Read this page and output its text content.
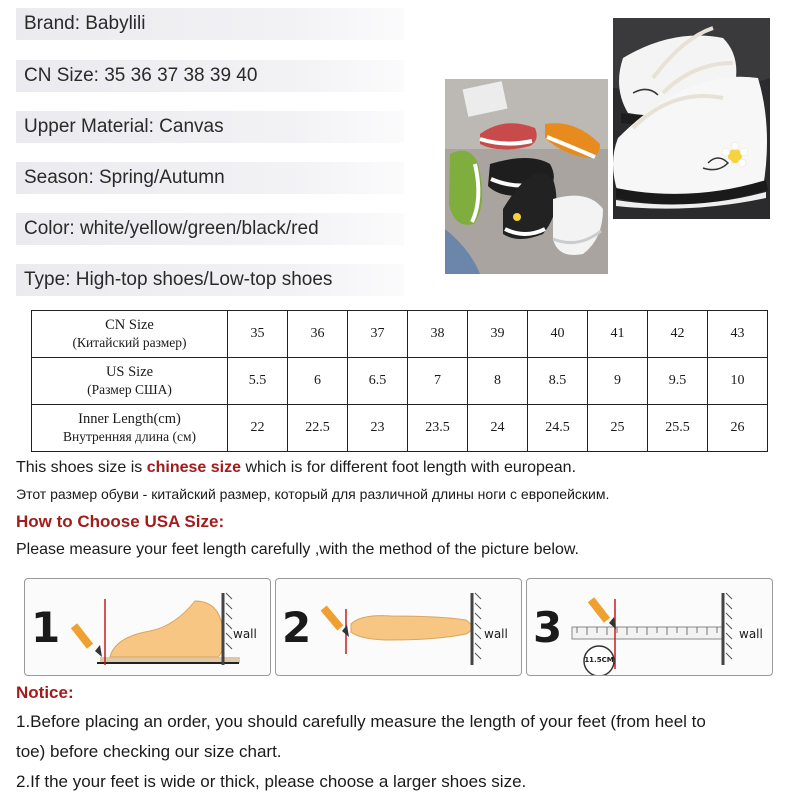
Brand: Babylili
CN Size: 35 36 37 38 39 40
Upper Material: Canvas
Season: Spring/Autumn
Color: white/yellow/green/black/red
Type: High-top shoes/Low-top shoes
CN Size
(Китайский размер)	35	36	37	38	39	40	41	42	43

US Size
(Размер США)	5.5	6	6.5	7	8	8.5	9	9.5	10

Inner Length(cm)
Внутренняя длина (см)	22	22.5	23	23.5	24	24.5	25	25.5	26
This shoes size is chinese size which is for different foot length with european.
Этот размер обуви - китайский размер, который для различной длины ноги с европейским.
How to Choose USA Size:
Please measure your feet length carefully ,with the method of the picture below.
1	wall 2	wall 3
11.5CM
wall
Notice:
1.Before placing an order, you should carefully measure the length of your feet (from heel to
toe) before checking our size chart.
2.If the your feet is wide or thick, please choose a larger shoes size.
